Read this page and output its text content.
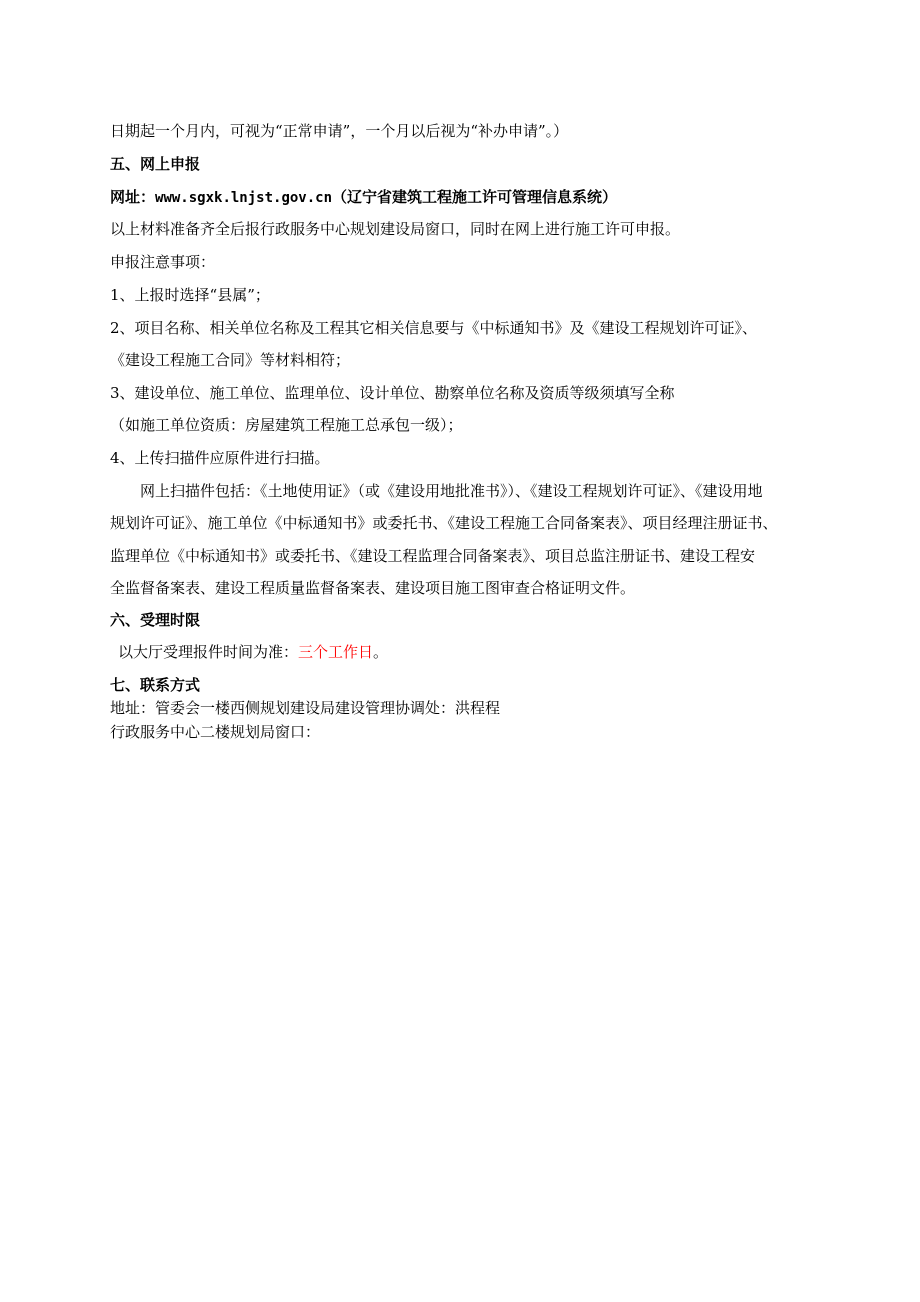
日期起一个月内，可视为“正常申请”，一个月以后视为“补办申请”。）
五、网上申报
网址：www.sgxk.lnjst.gov.cn（辽宁省建筑工程施工许可管理信息系统）
以上材料准备齐全后报行政服务中心规划建设局窗口，同时在网上进行施工许可申报。
申报注意事项：
1、上报时选择“县属”；
2、项目名称、相关单位名称及工程其它相关信息要与《中标通知书》及《建设工程规划许可证》、
《建设工程施工合同》等材料相符；
3、建设单位、施工单位、监理单位、设计单位、勘察单位名称及资质等级须填写全称
（如施工单位资质：房屋建筑工程施工总承包一级）；
4、上传扫描件应原件进行扫描。
网上扫描件包括：《土地使用证》（或《建设用地批准书》）、《建设工程规划许可证》、《建设用地
规划许可证》、施工单位《中标通知书》或委托书、《建设工程施工合同备案表》、项目经理注册证书、
监理单位《中标通知书》或委托书、《建设工程监理合同备案表》、项目总监注册证书、建设工程安
全监督备案表、建设工程质量监督备案表、建设项目施工图审查合格证明文件。
六、受理时限
以大厅受理报件时间为准：三个工作日。
七、联系方式
地址：管委会一楼西侧规划建设局建设管理协调处：洪程程
行政服务中心二楼规划局窗口：
